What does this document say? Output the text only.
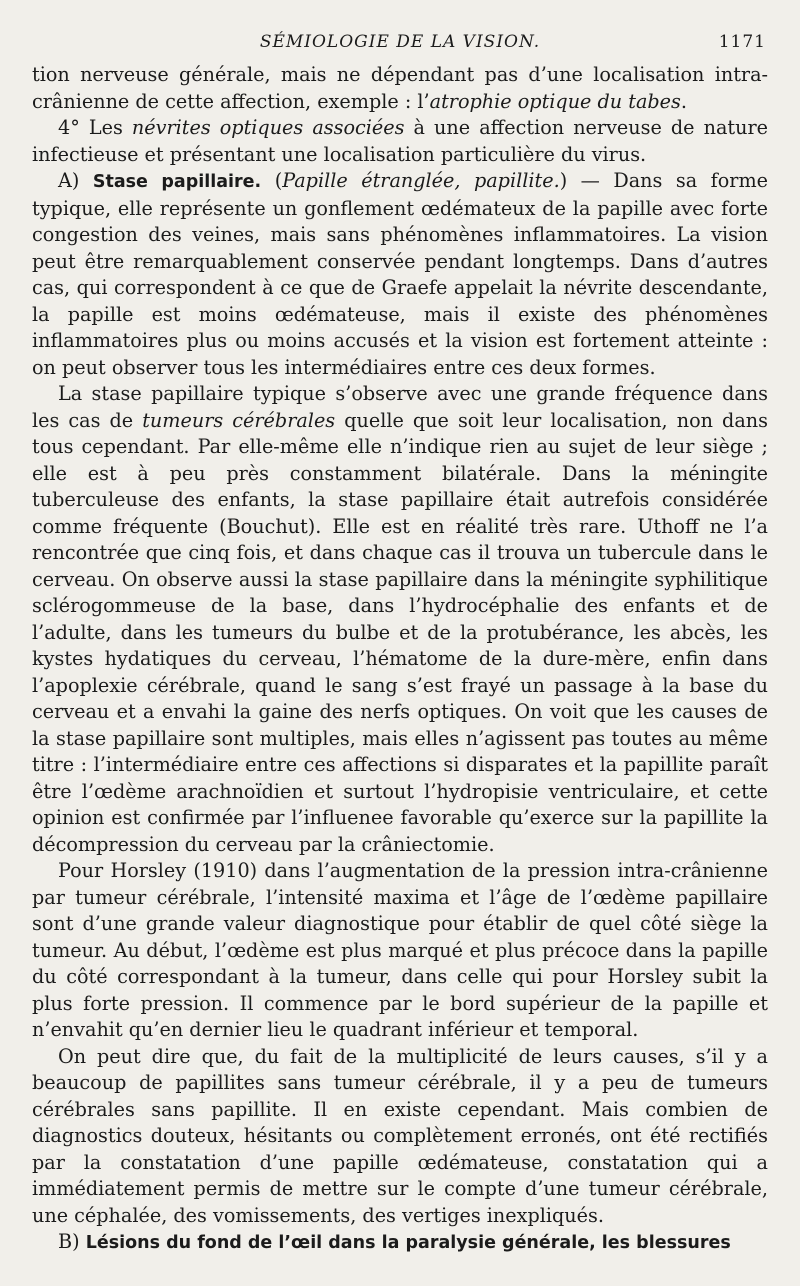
SÉMIOLOGIE DE LA VISION.	1171

tion nerveuse générale, mais ne dépendant pas d’une localisation intra-crânienne de cette affection, exemple : l’atrophie optique du tabes.

4° Les névrites optiques associées à une affection nerveuse de nature infectieuse et présentant une localisation particulière du virus.

A) Stase papillaire. (Papille étranglée, papillite.) — Dans sa forme typique, elle représente un gonflement œdémateux de la papille avec forte congestion des veines, mais sans phénomènes inflammatoires. La vision peut être remarquablement conservée pendant longtemps. Dans d’autres cas, qui correspondent à ce que de Graefe appelait la névrite descendante, la papille est moins œdémateuse, mais il existe des phénomènes inflammatoires plus ou moins accusés et la vision est fortement atteinte : on peut observer tous les intermédiaires entre ces deux formes.

La stase papillaire typique s’observe avec une grande fréquence dans les cas de tumeurs cérébrales quelle que soit leur localisation, non dans tous cependant. Par elle-même elle n’indique rien au sujet de leur siège ; elle est à peu près constamment bilatérale. Dans la méningite tuberculeuse des enfants, la stase papillaire était autrefois considérée comme fréquente (Bouchut). Elle est en réalité très rare. Uthoff ne l’a rencontrée que cinq fois, et dans chaque cas il trouva un tubercule dans le cerveau. On observe aussi la stase papillaire dans la méningite syphilitique sclérogommeuse de la base, dans l’hydrocéphalie des enfants et de l’adulte, dans les tumeurs du bulbe et de la protubérance, les abcès, les kystes hydatiques du cerveau, l’hématome de la dure-mère, enfin dans l’apoplexie cérébrale, quand le sang s’est frayé un passage à la base du cerveau et a envahi la gaine des nerfs optiques. On voit que les causes de la stase papillaire sont multiples, mais elles n’agissent pas toutes au même titre : l’intermédiaire entre ces affections si disparates et la papillite paraît être l’œdème arachnoïdien et surtout l’hydropisie ventriculaire, et cette opinion est confirmée par l’influenee favorable qu’exerce sur la papillite la décompression du cerveau par la crâniectomie.

Pour Horsley (1910) dans l’augmentation de la pression intra-crânienne par tumeur cérébrale, l’intensité maxima et l’âge de l’œdème papillaire sont d’une grande valeur diagnostique pour établir de quel côté siège la tumeur. Au début, l’œdème est plus marqué et plus précoce dans la papille du côté correspondant à la tumeur, dans celle qui pour Horsley subit la plus forte pression. Il commence par le bord supérieur de la papille et n’envahit qu’en dernier lieu le quadrant inférieur et temporal.

On peut dire que, du fait de la multiplicité de leurs causes, s’il y a beaucoup de papillites sans tumeur cérébrale, il y a peu de tumeurs cérébrales sans papillite. Il en existe cependant. Mais combien de diagnostics douteux, hésitants ou complètement erronés, ont été rectifiés par la constatation d’une papille œdémateuse, constatation qui a immédiatement permis de mettre sur le compte d’une tumeur cérébrale, une céphalée, des vomissements, des vertiges inexpliqués.

B) Lésions du fond de l’œil dans la paralysie générale, les blessures
